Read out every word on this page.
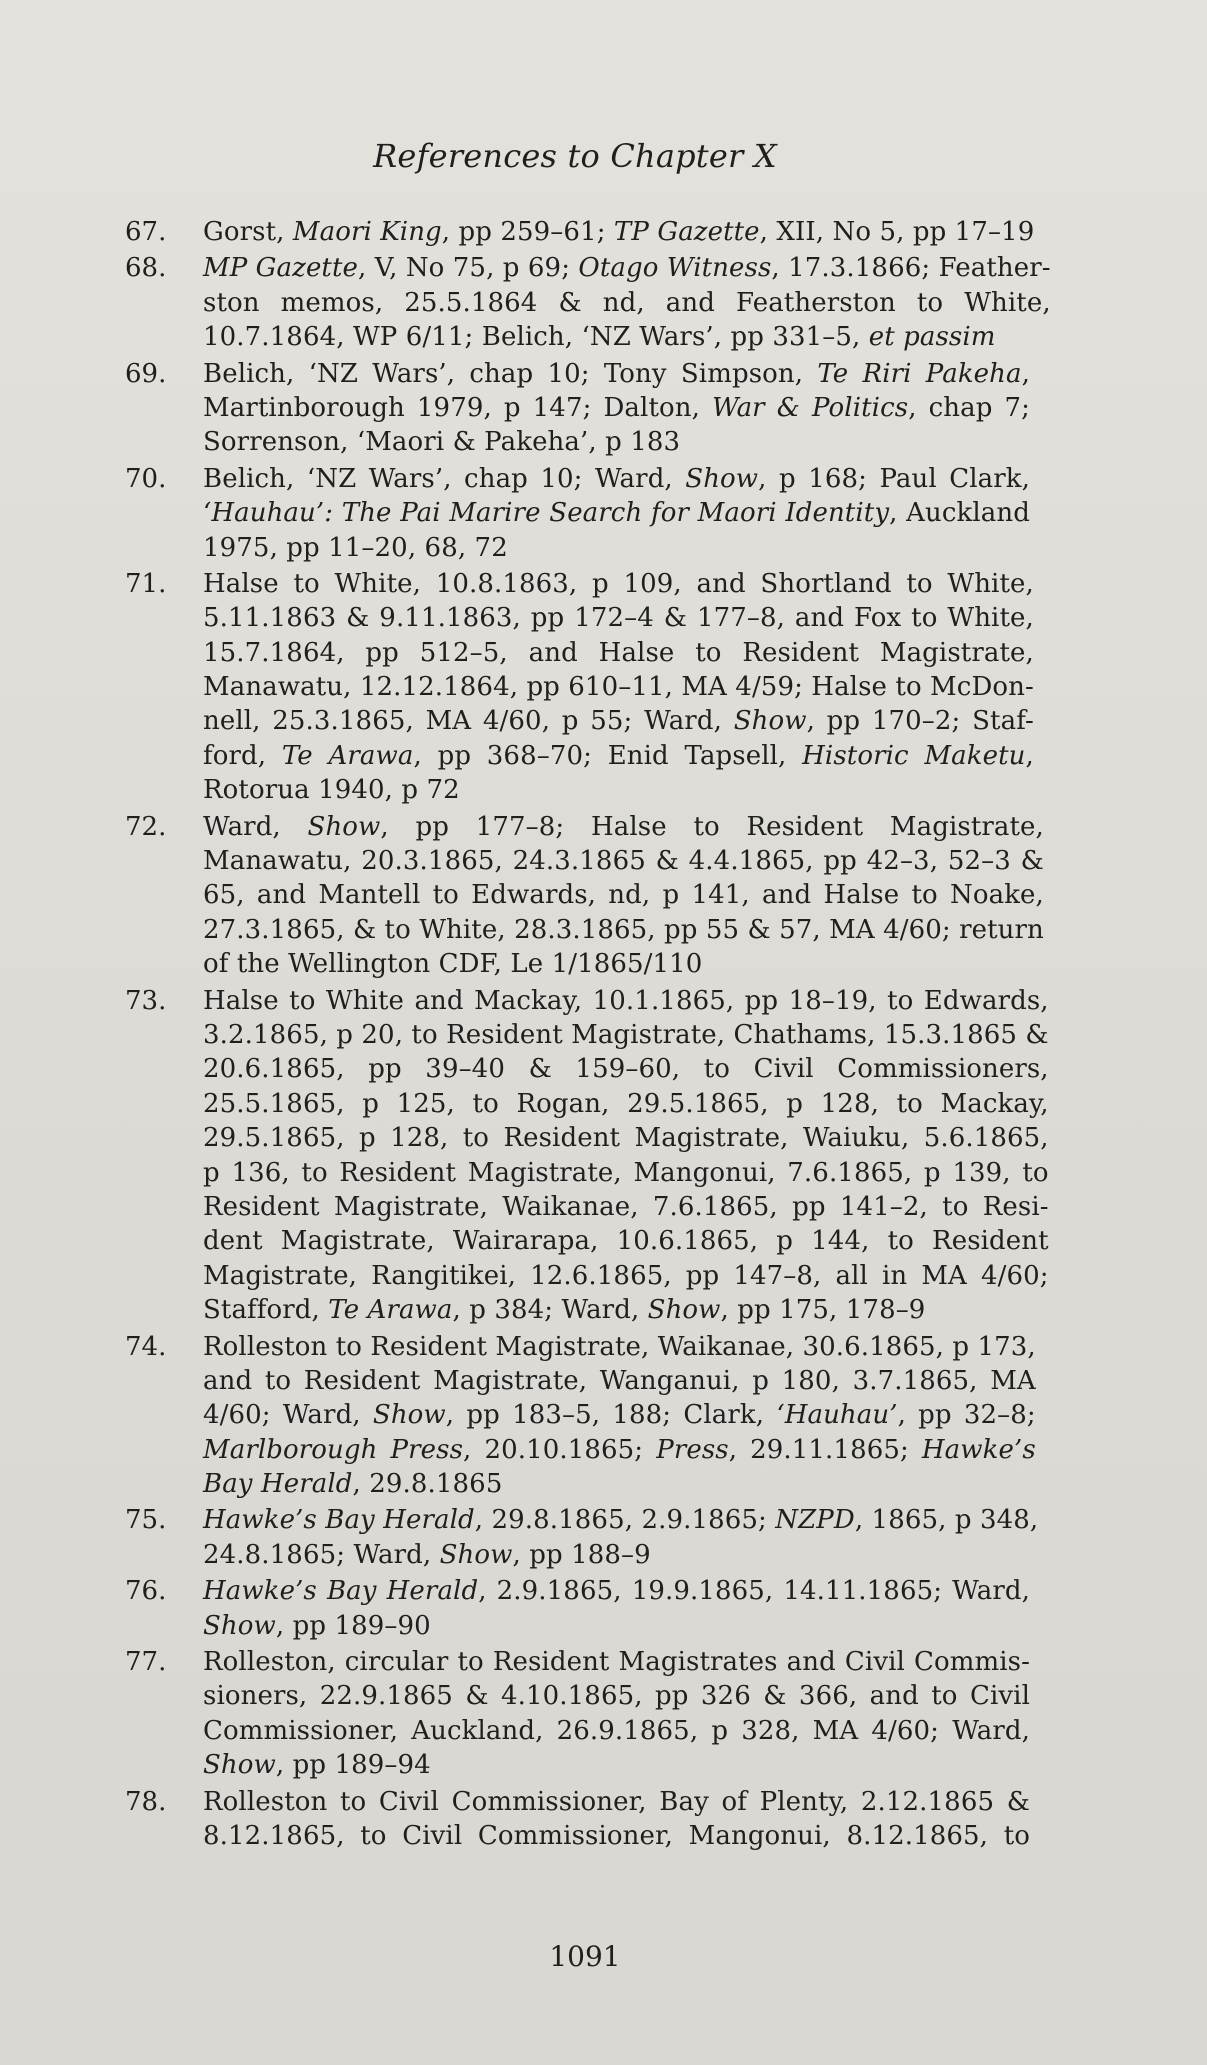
References to Chapter X
67.	Gorst, Maori King, pp 259–61; TP Gazette, XII, No 5, pp 17–19
68.	MP Gazette, V, No 75, p 69; Otago Witness, 17.3.1866; Feather-
ston memos, 25.5.1864 & nd, and Featherston to White,
10.7.1864, WP 6/11; Belich, ‘NZ Wars’, pp 331–5, et passim
69.	Belich, ‘NZ Wars’, chap 10; Tony Simpson, Te Riri Pakeha,
Martinborough 1979, p 147; Dalton, War & Politics, chap 7;
Sorrenson, ‘Maori & Pakeha’, p 183
70.	Belich, ‘NZ Wars’, chap 10; Ward, Show, p 168; Paul Clark,
‘Hauhau’: The Pai Marire Search for Maori Identity, Auckland
1975, pp 11–20, 68, 72
71.	Halse to White, 10.8.1863, p 109, and Shortland to White,
5.11.1863 & 9.11.1863, pp 172–4 & 177–8, and Fox to White,
15.7.1864, pp 512–5, and Halse to Resident Magistrate,
Manawatu, 12.12.1864, pp 610–11, MA 4/59; Halse to McDon-
nell, 25.3.1865, MA 4/60, p 55; Ward, Show, pp 170–2; Staf-
ford, Te Arawa, pp 368–70; Enid Tapsell, Historic Maketu,
Rotorua 1940, p 72
72.	Ward, Show, pp 177–8; Halse to Resident Magistrate,
Manawatu, 20.3.1865, 24.3.1865 & 4.4.1865, pp 42–3, 52–3 &
65, and Mantell to Edwards, nd, p 141, and Halse to Noake,
27.3.1865, & to White, 28.3.1865, pp 55 & 57, MA 4/60; return
of the Wellington CDF, Le 1/1865/110
73.	Halse to White and Mackay, 10.1.1865, pp 18–19, to Edwards,
3.2.1865, p 20, to Resident Magistrate, Chathams, 15.3.1865 &
20.6.1865, pp 39–40 & 159–60, to Civil Commissioners,
25.5.1865, p 125, to Rogan, 29.5.1865, p 128, to Mackay,
29.5.1865, p 128, to Resident Magistrate, Waiuku, 5.6.1865,
p 136, to Resident Magistrate, Mangonui, 7.6.1865, p 139, to
Resident Magistrate, Waikanae, 7.6.1865, pp 141–2, to Resi-
dent Magistrate, Wairarapa, 10.6.1865, p 144, to Resident
Magistrate, Rangitikei, 12.6.1865, pp 147–8, all in MA 4/60;
Stafford, Te Arawa, p 384; Ward, Show, pp 175, 178–9
74.	Rolleston to Resident Magistrate, Waikanae, 30.6.1865, p 173,
and to Resident Magistrate, Wanganui, p 180, 3.7.1865, MA
4/60; Ward, Show, pp 183–5, 188; Clark, ‘Hauhau’, pp 32–8;
Marlborough Press, 20.10.1865; Press, 29.11.1865; Hawke’s
Bay Herald, 29.8.1865
75.	Hawke’s Bay Herald, 29.8.1865, 2.9.1865; NZPD, 1865, p 348,
24.8.1865; Ward, Show, pp 188–9
76.	Hawke’s Bay Herald, 2.9.1865, 19.9.1865, 14.11.1865; Ward,
Show, pp 189–90
77.	Rolleston, circular to Resident Magistrates and Civil Commis-
sioners, 22.9.1865 & 4.10.1865, pp 326 & 366, and to Civil
Commissioner, Auckland, 26.9.1865, p 328, MA 4/60; Ward,
Show, pp 189–94
78.	Rolleston to Civil Commissioner, Bay of Plenty, 2.12.1865 &
8.12.1865, to Civil Commissioner, Mangonui, 8.12.1865, to
1091
